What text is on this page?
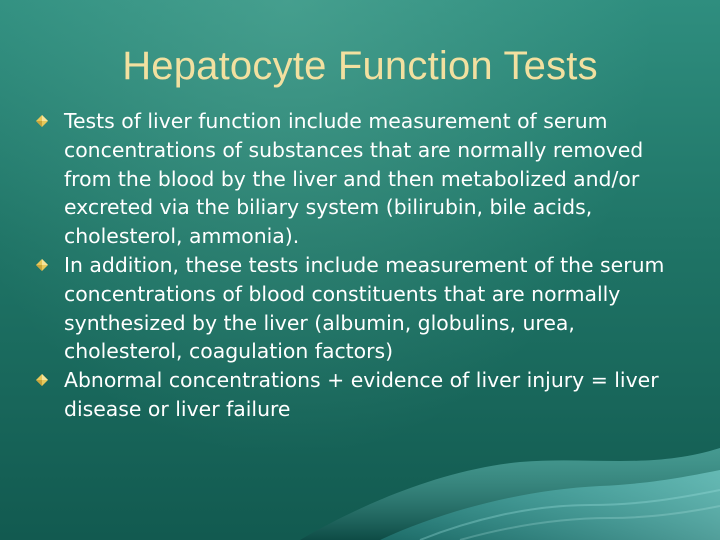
Hepatocyte Function Tests
Tests of liver function include measurement of serum concentrations of substances that are normally removed from the blood by the liver and then metabolized and/or excreted via the biliary system (bilirubin, bile acids, cholesterol, ammonia).
In addition, these tests include measurement of the serum concentrations of blood constituents that are normally synthesized by the liver (albumin, globulins, urea, cholesterol, coagulation factors)
Abnormal concentrations + evidence of liver injury = liver disease or liver failure
